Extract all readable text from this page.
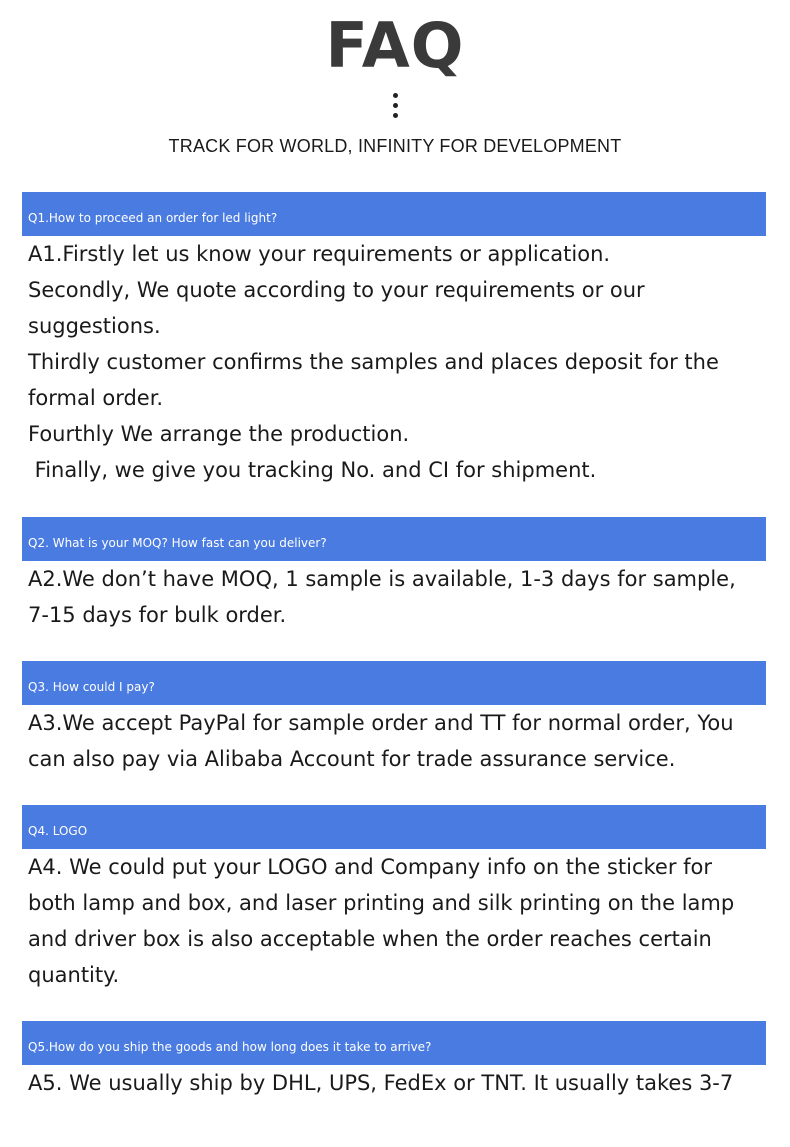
FAQ
TRACK FOR WORLD, INFINITY FOR DEVELOPMENT
Q1.How to proceed an order for led light?
A1.Firstly let us know your requirements or application.
Secondly, We quote according to your requirements or our
suggestions.
Thirdly customer confirms the samples and places deposit for the
formal order.
Fourthly We arrange the production.
Finally, we give you tracking No. and CI for shipment.
Q2. What is your MOQ? How fast can you deliver?
A2.We don’t have MOQ, 1 sample is available, 1-3 days for sample,
7-15 days for bulk order.
Q3. How could I pay?
A3.We accept PayPal for sample order and TT for normal order, You
can also pay via Alibaba Account for trade assurance service.
Q4. LOGO
A4. We could put your LOGO and Company info on the sticker for
both lamp and box, and laser printing and silk printing on the lamp
and driver box is also acceptable when the order reaches certain
quantity.
Q5.How do you ship the goods and how long does it take to arrive?
A5. We usually ship by DHL, UPS, FedEx or TNT. It usually takes 3-7
